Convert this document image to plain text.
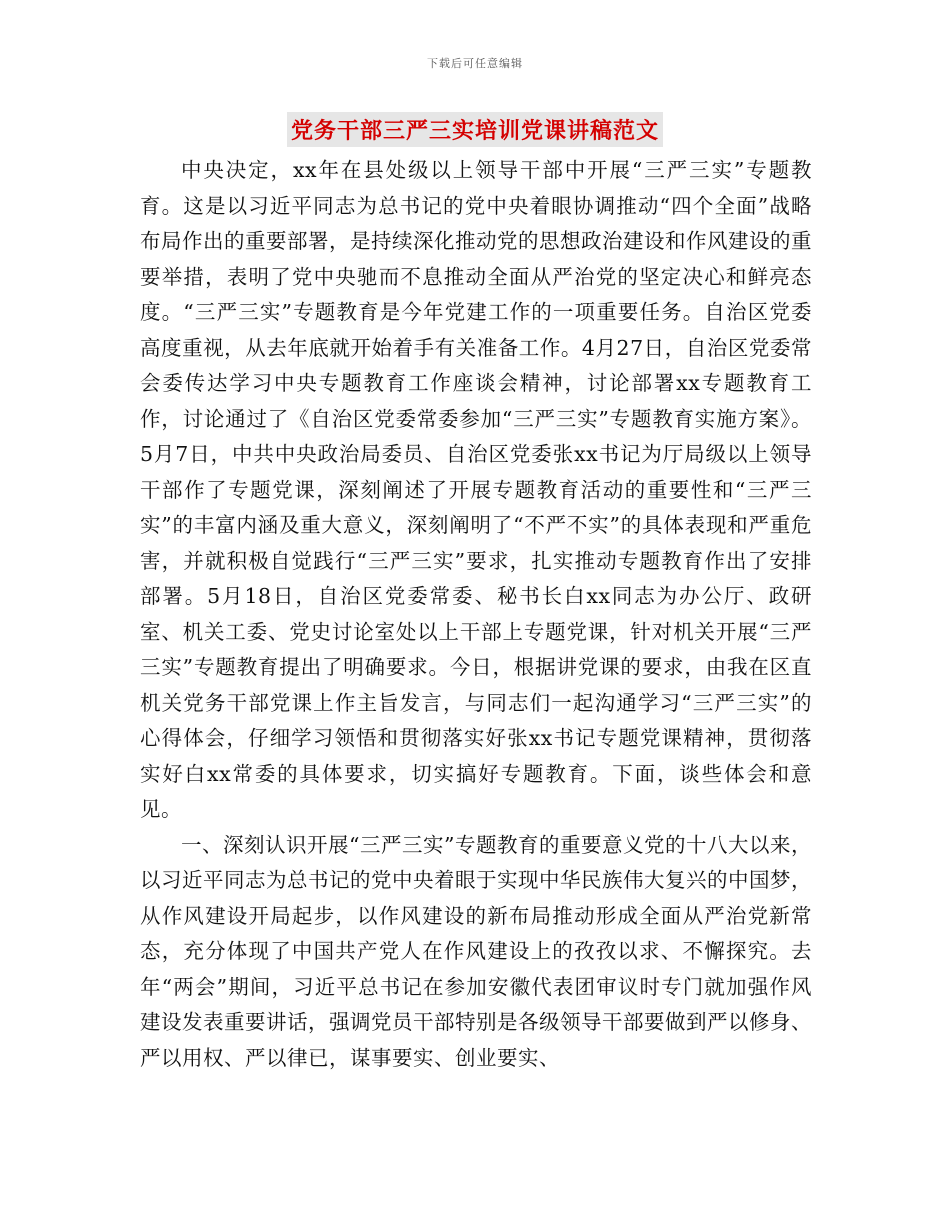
下载后可任意编辑
党务干部三严三实培训党课讲稿范文

中央决定，xx年在县处级以上领导干部中开展“三严三实”专题教育。这是以习近平同志为总书记的党中央着眼协调推动“四个全面”战略布局作出的重要部署，是持续深化推动党的思想政治建设和作风建设的重要举措，表明了党中央驰而不息推动全面从严治党的坚定决心和鲜亮态度。“三严三实”专题教育是今年党建工作的一项重要任务。自治区党委高度重视，从去年底就开始着手有关准备工作。4月27日，自治区党委常会委传达学习中央专题教育工作座谈会精神，讨论部署xx专题教育工作，讨论通过了《自治区党委常委参加“三严三实”专题教育实施方案》。5月7日，中共中央政治局委员、自治区党委张xx书记为厅局级以上领导干部作了专题党课，深刻阐述了开展专题教育活动的重要性和“三严三实”的丰富内涵及重大意义，深刻阐明了“不严不实”的具体表现和严重危害，并就积极自觉践行“三严三实”要求，扎实推动专题教育作出了安排部署。5月18日，自治区党委常委、秘书长白xx同志为办公厅、政研室、机关工委、党史讨论室处以上干部上专题党课，针对机关开展“三严三实”专题教育提出了明确要求。今日，根据讲党课的要求，由我在区直机关党务干部党课上作主旨发言，与同志们一起沟通学习“三严三实”的心得体会，仔细学习领悟和贯彻落实好张xx书记专题党课精神，贯彻落实好白xx常委的具体要求，切实搞好专题教育。下面，谈些体会和意见。

一、深刻认识开展“三严三实”专题教育的重要意义党的十八大以来，以习近平同志为总书记的党中央着眼于实现中华民族伟大复兴的中国梦，从作风建设开局起步，以作风建设的新布局推动形成全面从严治党新常态，充分体现了中国共产党人在作风建设上的孜孜以求、不懈探究。去年“两会”期间，习近平总书记在参加安徽代表团审议时专门就加强作风建设发表重要讲话，强调党员干部特别是各级领导干部要做到严以修身、严以用权、严以律已，谋事要实、创业要实、
